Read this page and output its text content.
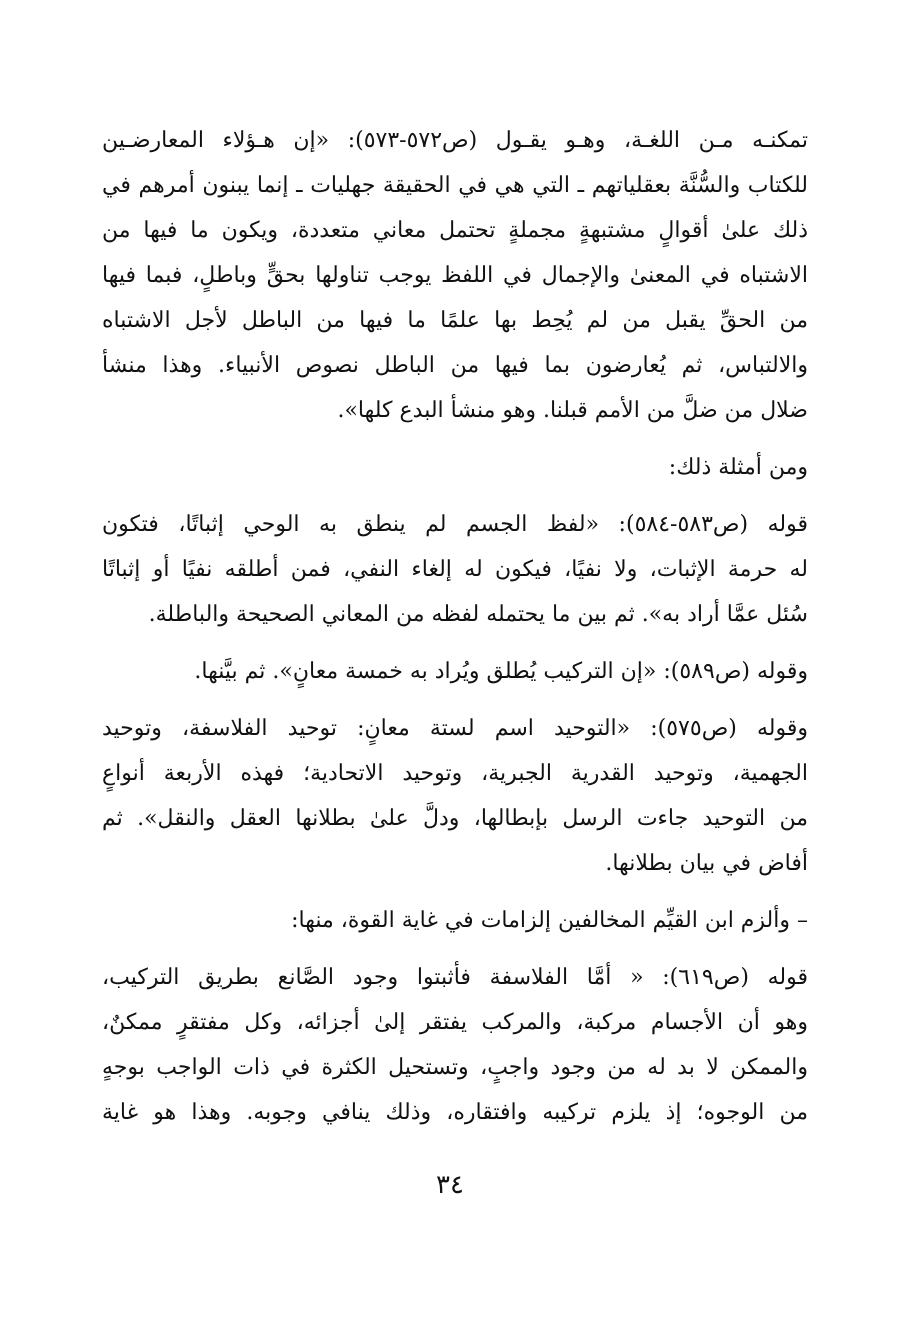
تمكنـه مـن اللغـة، وهـو يقـول (ص٥٧٢-٥٧٣): «إن هـؤلاء المعارضـين
للكتاب والسُّنَّة بعقلياتهم ـ التي هي في الحقيقة جهليات ـ إنما يبنون أمرهم في
ذلك علىٰ أقوالٍ مشتبهةٍ مجملةٍ تحتمل معاني متعددة، ويكون ما فيها من
الاشتباه في المعنىٰ والإجمال في اللفظ يوجب تناولها بحقٍّ وباطلٍ، فبما فيها
من الحقِّ يقبل من لم يُحِط بها علمًا ما فيها من الباطل لأجل الاشتباه
والالتباس، ثم يُعارضون بما فيها من الباطل نصوص الأنبياء. وهذا منشأ
ضلال من ضلَّ من الأمم قبلنا. وهو منشأ البدع كلها».
ومن أمثلة ذلك:
قوله (ص٥٨٣-٥٨٤): «لفظ الجسم لم ينطق به الوحي إثباتًا، فتكون
له حرمة الإثبات، ولا نفيًا، فيكون له إلغاء النفي، فمن أطلقه نفيًا أو إثباتًا
سُئل عمَّا أراد به». ثم بين ما يحتمله لفظه من المعاني الصحيحة والباطلة.
وقوله (ص٥٨٩): «إن التركيب يُطلق ويُراد به خمسة معانٍ». ثم بيَّنها.
وقوله (ص٥٧٥): «التوحيد اسم لستة معانٍ: توحيد الفلاسفة، وتوحيد
الجهمية، وتوحيد القدرية الجبرية، وتوحيد الاتحادية؛ فهذه الأربعة أنواعٍ
من التوحيد جاءت الرسل بإبطالها، ودلَّ علىٰ بطلانها العقل والنقل». ثم
أفاض في بيان بطلانها.
– وألزم ابن القيِّم المخالفين إلزامات في غاية القوة، منها:
قوله (ص٦١٩): « أمَّا الفلاسفة فأثبتوا وجود الصَّانع بطريق التركيب،
وهو أن الأجسام مركبة، والمركب يفتقر إلىٰ أجزائه، وكل مفتقرٍ ممكنٌ،
والممكن لا بد له من وجود واجبٍ، وتستحيل الكثرة في ذات الواجب بوجهٍ
من الوجوه؛ إذ يلزم تركيبه وافتقاره، وذلك ينافي وجوبه. وهذا هو غاية
٣٤
